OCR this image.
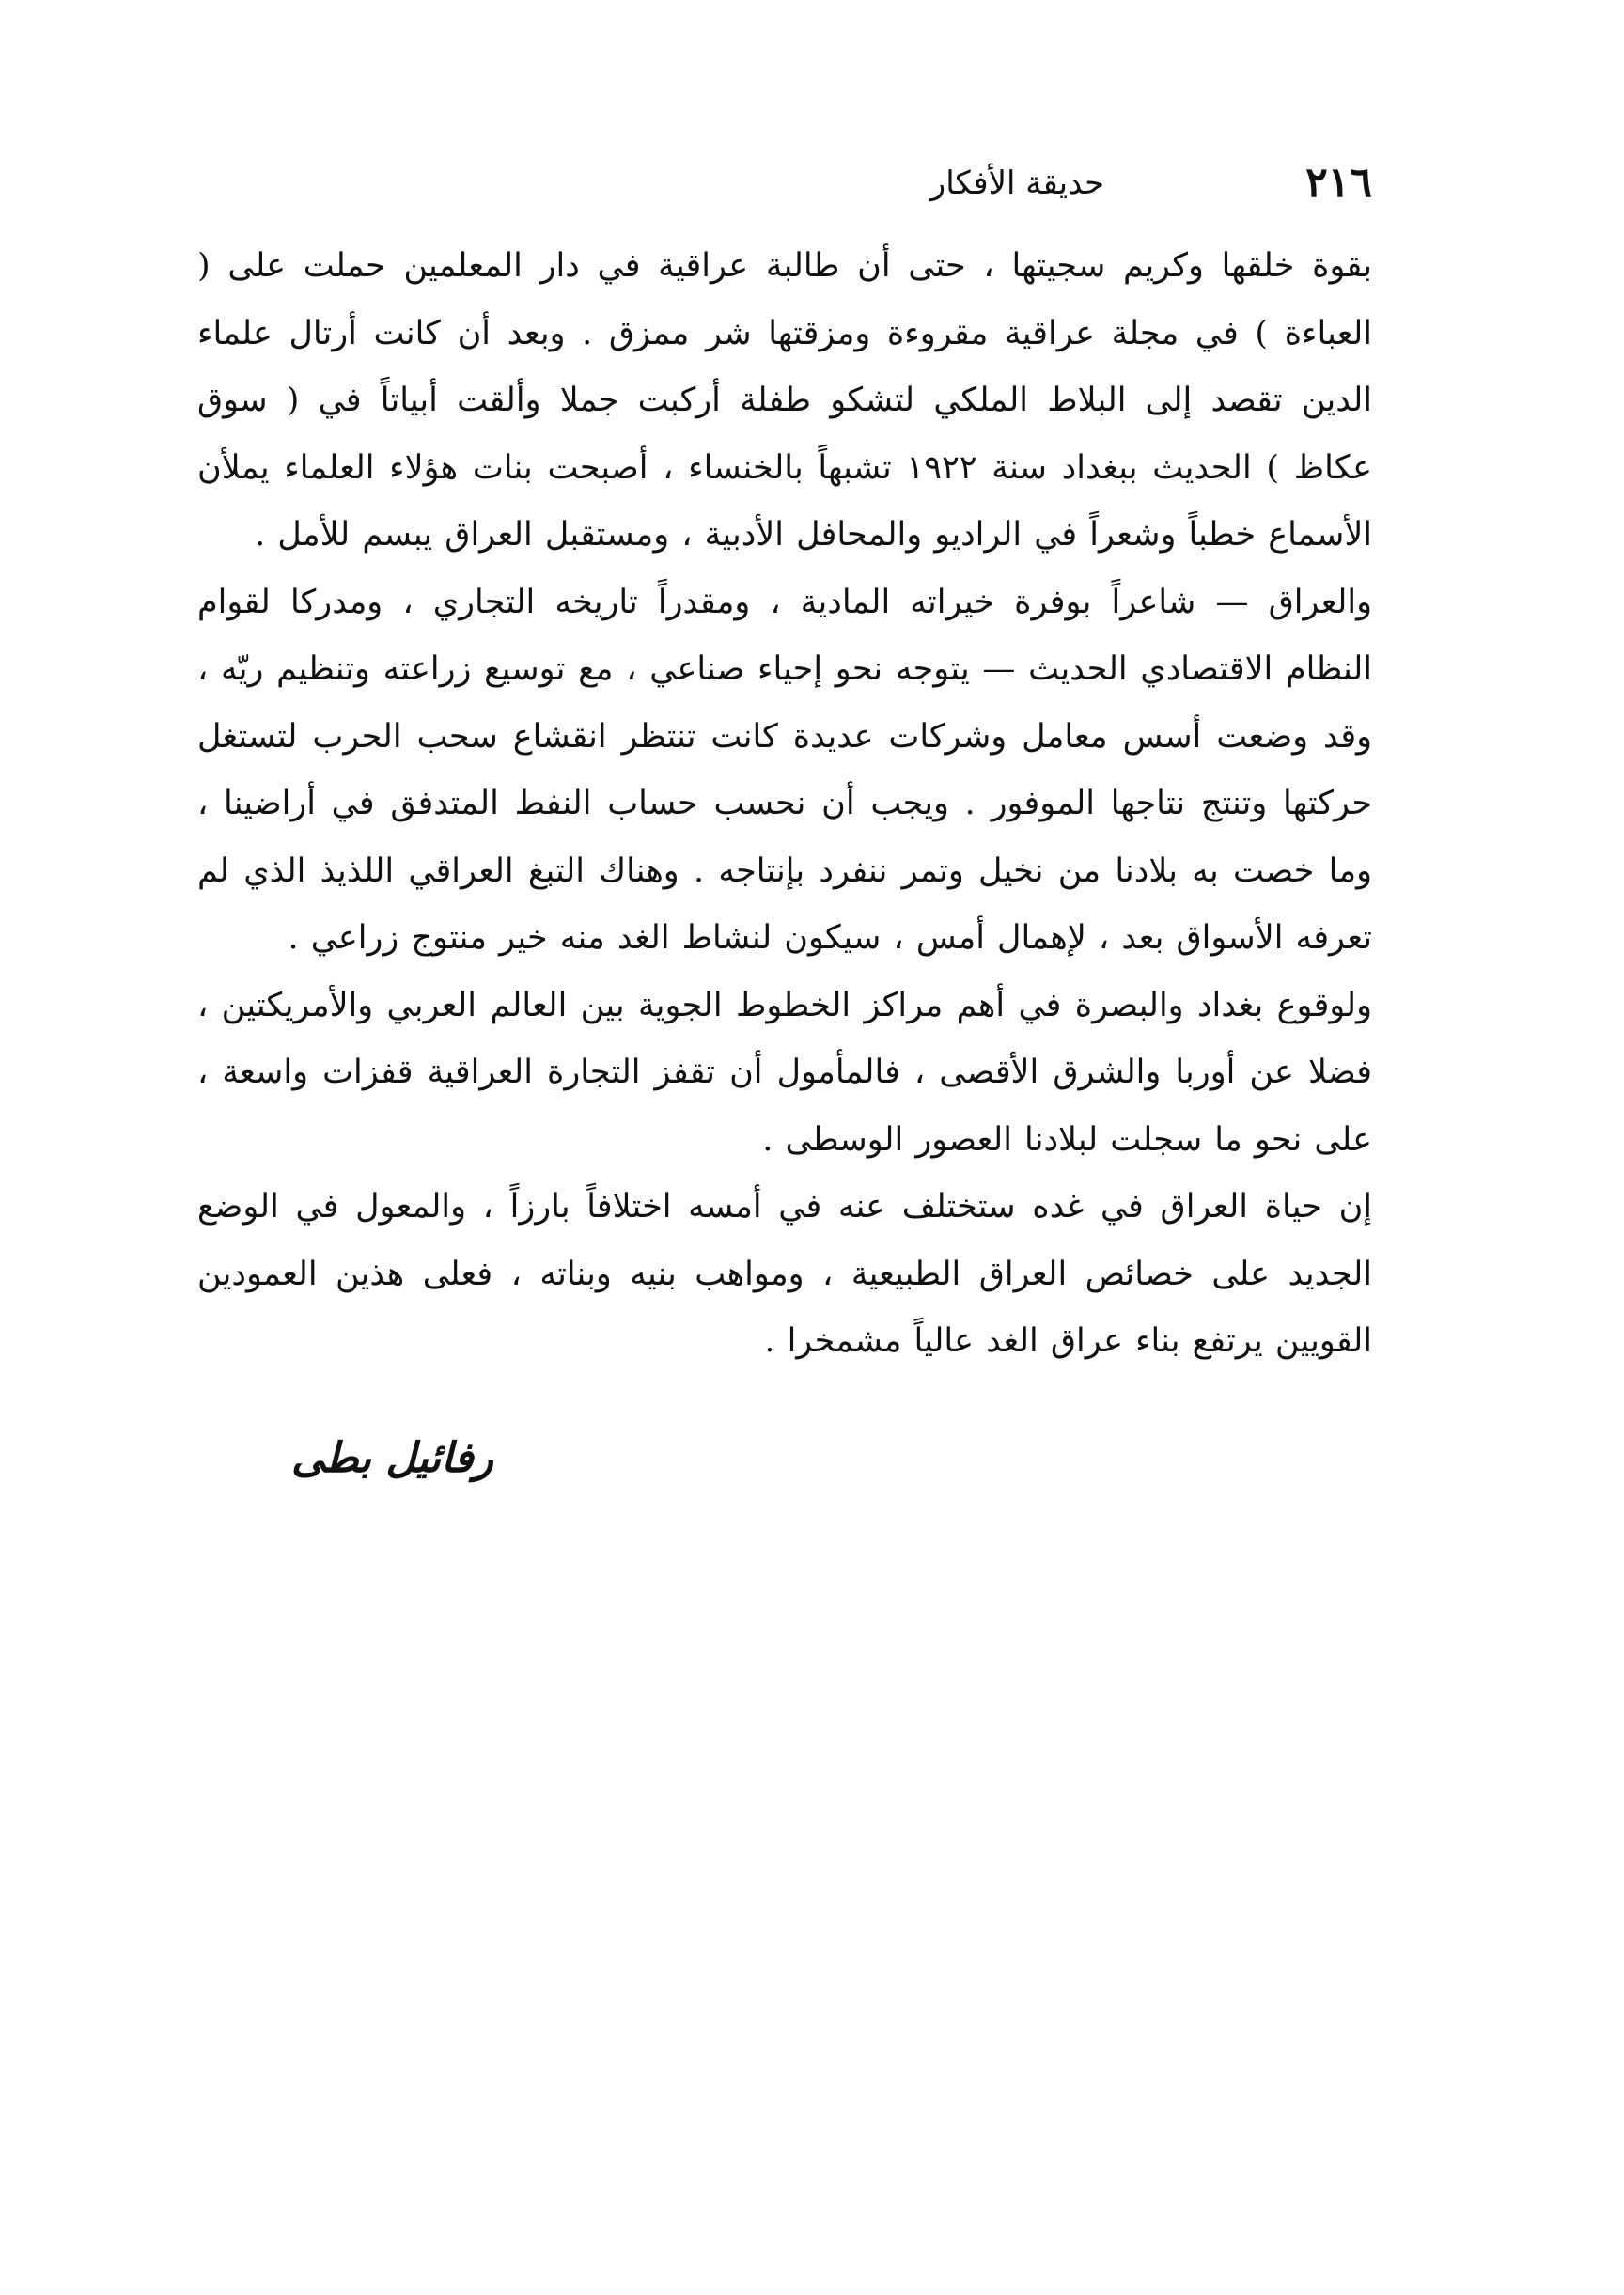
٢١٦
حديقة الأفكار

بقوة خلقها وكريم سجيتها ، حتى أن طالبة عراقية في دار المعلمين حملت على ( العباءة ) في مجلة عراقية مقروءة ومزقتها شر ممزق . وبعد أن كانت أرتال علماء الدين تقصد إلى البلاط الملكي لتشكو طفلة أركبت جملا وألقت أبياتاً في ( سوق عكاظ ) الحديث ببغداد سنة ١٩٢٢ تشبهاً بالخنساء ، أصبحت بنات هؤلاء العلماء يملأن الأسماع خطباً وشعراً في الراديو والمحافل الأدبية ، ومستقبل العراق يبسم للأمل .

والعراق — شاعراً بوفرة خيراته المادية ، ومقدراً تاريخه التجاري ، ومدركا لقوام النظام الاقتصادي الحديث — يتوجه نحو إحياء صناعي ، مع توسيع زراعته وتنظيم ريّه ، وقد وضعت أسس معامل وشركات عديدة كانت تنتظر انقشاع سحب الحرب لتستغل حركتها وتنتج نتاجها الموفور . ويجب أن نحسب حساب النفط المتدفق في أراضينا ، وما خصت به بلادنا من نخيل وتمر ننفرد بإنتاجه . وهناك التبغ العراقي اللذيذ الذي لم تعرفه الأسواق بعد ، لإهمال أمس ، سيكون لنشاط الغد منه خير منتوج زراعي .

ولوقوع بغداد والبصرة في أهم مراكز الخطوط الجوية بين العالم العربي والأمريكتين ، فضلا عن أوربا والشرق الأقصى ، فالمأمول أن تقفز التجارة العراقية قفزات واسعة ، على نحو ما سجلت لبلادنا العصور الوسطى .

إن حياة العراق في غده ستختلف عنه في أمسه اختلافاً بارزاً ، والمعول في الوضع الجديد على خصائص العراق الطبيعية ، ومواهب بنيه وبناته ، فعلى هذين العمودين القويين يرتفع بناء عراق الغد عالياً مشمخرا .

رفائيل بطى
